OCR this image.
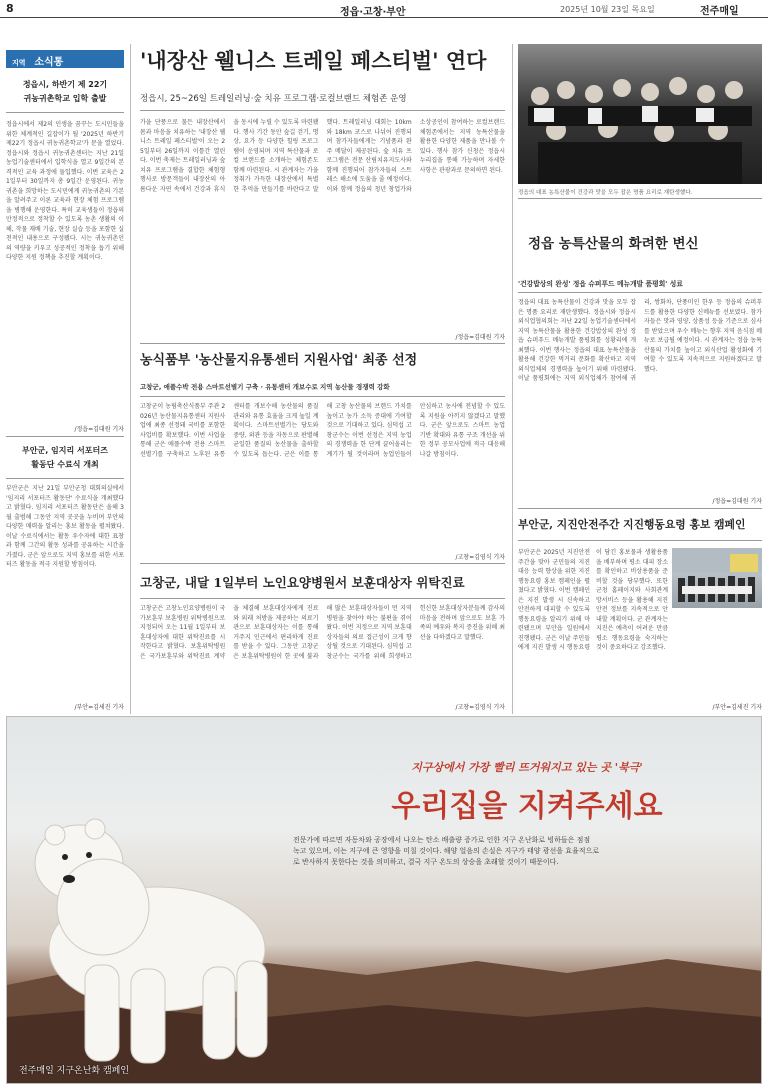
8	정읍·고창·부안	2025년 10월 23일 목요일	전주매일
지역 소식통
정읍시, 하반기 제 22기
귀농귀촌학교 입학 출발
정읍시에서 제2의 인생을 꿈꾸는 도시민들을 위한 체계적인 길잡이가 될 '2025년 하반기 제22기 정읍시 귀농귀촌학교'가 문을 열었다. 정읍시와 정읍시 귀농귀촌센터는 지난 21일 농업기술센터에서 입학식을 열고 9일간의 본격적인 교육 과정에 돌입했다. 이번 교육은 21일부터 30일까지 총 9일간 운영된다. 귀농귀촌을 희망하는 도시민에게 귀농귀촌의 기본을 알려주고 이론 교육과 현장 체험 프로그램을 병행해 운영한다. 특히 교육생들이 정읍의 안정적으로 정착할 수 있도록 농촌 생활의 이해, 작물 재배 기술, 현장 실습 등을 포함한 실천적인 내용으로 구성됐다. 시는 귀농귀촌인의 역량을 키우고 성공적인 정착을 돕기 위해 다양한 지원 정책을 추진할 계획이다.
/정읍=김대원 기자
부안군, 임지리 서포터즈
활동단 수료식 개최
부안군은 지난 21일 부안군청 대회의실에서 '임지리 서포터즈 활동단' 수료식을 개최했다고 밝혔다. 임지리 서포터즈 활동단은 올해 3월 출범해 그동안 지역 곳곳을 누비며 부안의 다양한 매력을 알리는 홍보 활동을 펼쳐왔다. 이날 수료식에서는 활동 우수자에 대한 표창과 함께 그간의 활동 성과를 공유하는 시간을 가졌다. 군은 앞으로도 지역 홍보를 위한 서포터즈 활동을 적극 지원할 방침이다.
/부안=김세진 기자
'내장산 웰니스 트레일 페스티벌' 연다
정읍시, 25~26일 트레일러닝·숲 치유 프로그램·로컬브랜드 체험존 운영
가을 단풍으로 물든 내장산에서 몸과 마음을 치유하는 '내장산 웰니스 트레일 페스티벌'이 오는 25일부터 26일까지 이틀간 열린다. 이번 축제는 트레일러닝과 숲 치유 프로그램을 결합한 체험형 행사로 방문객들이 내장산의 아름다운 자연 속에서 건강과 휴식을 동시에 누릴 수 있도록 마련됐다. 행사 기간 동안 숲길 걷기, 명상, 요가 등 다양한 힐링 프로그램이 운영되며 지역 특산물과 로컬 브랜드를 소개하는 체험존도 함께 마련된다. 시 관계자는 가을 정취가 가득한 내장산에서 특별한 추억을 만들기를 바란다고 말했다. 트레일러닝 대회는 10km와 18km 코스로 나뉘어 진행되며 참가자들에게는 기념품과 완주 메달이 제공된다. 숲 치유 프로그램은 전문 산림치유지도사와 함께 진행되어 참가자들의 스트레스 해소에 도움을 줄 예정이다. 이와 함께 정읍의 청년 창업가와 소상공인이 참여하는 로컬브랜드 체험존에서는 지역 농특산물을 활용한 다양한 제품을 만나볼 수 있다. 행사 참가 신청은 정읍시 누리집을 통해 가능하며 자세한 사항은 관광과로 문의하면 된다.
/정읍=김대원 기자
농식품부 '농산물지유통센터 지원사업' 최종 선정
고창군, 애플수박 전용 스마트선별기 구축 · 유통센터 개보수로 지역 농산물 경쟁력 강화
고창군이 농림축산식품부 주관 2026년 농산물지유통센터 지원사업에 최종 선정돼 국비를 포함한 사업비를 확보했다. 이번 사업을 통해 군은 애플수박 전용 스마트선별기를 구축하고 노후된 유통센터를 개보수해 농산물의 품질 관리와 유통 효율을 크게 높일 계획이다. 스마트선별기는 당도와 중량, 외관 등을 자동으로 판별해 균일한 품질의 농산물을 출하할 수 있도록 돕는다. 군은 이를 통해 고창 농산물의 브랜드 가치를 높이고 농가 소득 증대에 기여할 것으로 기대하고 있다. 심덕섭 고창군수는 이번 선정은 지역 농업의 경쟁력을 한 단계 끌어올리는 계기가 될 것이라며 농업인들이 안심하고 농사에 전념할 수 있도록 지원을 아끼지 않겠다고 말했다. 군은 앞으로도 스마트 농업 기반 확대와 유통 구조 개선을 위한 정부 공모사업에 적극 대응해 나갈 방침이다.
/고창=김영식 기자
고창군, 내달 1일부터 노인요양병원서 보훈대상자 위탁진료
고창군은 고창노인요양병원이 국가보훈부 보훈병원 위탁병원으로 지정되어 오는 11월 1일부터 보훈대상자에 대한 위탁진료를 시작한다고 밝혔다. 보훈위탁병원은 국가보훈부와 위탁진료 계약을 체결해 보훈대상자에게 진료와 외래 처방을 제공하는 의료기관으로 보훈대상자는 이를 통해 거주지 인근에서 편리하게 진료를 받을 수 있다. 그동안 고창군은 보훈위탁병원이 한 곳에 불과해 많은 보훈대상자들이 먼 지역 병원을 찾아야 하는 불편을 겪어왔다. 이번 지정으로 지역 보훈대상자들의 의료 접근성이 크게 향상될 것으로 기대된다. 심덕섭 고창군수는 국가를 위해 희생하고 헌신한 보훈대상자분들께 감사의 마음을 전하며 앞으로도 보훈 가족의 예우와 복지 증진을 위해 최선을 다하겠다고 말했다.
/고창=김영식 기자
정읍의 대표 농특산물이 건강과 맛을 모두 잡은 명품 요리로 재탄생했다.
정읍 농특산물의 화려한 변신
'건강밥상의 완성' 정읍 슈퍼푸드 메뉴개발 품평회' 성료
정읍의 대표 농특산물이 건강과 맛을 모두 잡은 명품 요리로 재탄생했다. 정읍시와 정읍시외식업협의회는 지난 22일 농업기술센터에서 지역 농특산물을 활용한 건강밥상의 완성 정읍 슈퍼푸드 메뉴개발 품평회를 성황리에 개최했다. 이번 행사는 정읍의 대표 농특산물을 활용해 건강한 먹거리 문화를 확산하고 지역 외식업체의 경쟁력을 높이기 위해 마련됐다. 이날 품평회에는 지역 외식업체가 참여해 귀리, 쌍화차, 단풍미인 한우 등 정읍의 슈퍼푸드를 활용한 다양한 신메뉴를 선보였다. 참가자들은 맛과 영양, 상품성 등을 기준으로 심사를 받았으며 우수 메뉴는 향후 지역 음식점 메뉴로 보급될 예정이다. 시 관계자는 정읍 농특산물의 가치를 높이고 외식산업 활성화에 기여할 수 있도록 지속적으로 지원하겠다고 말했다.
/정읍=김대원 기자
부안군, 지진안전주간 지진행동요령 홍보 캠페인
부안군은 2025년 지진안전주간을 맞아 군민들의 지진 대응 능력 향상을 위한 지진 행동요령 홍보 캠페인을 펼쳤다고 밝혔다. 이번 캠페인은 지진 발생 시 신속하고 안전하게 대피할 수 있도록 행동요령을 알리기 위해 마련됐으며 부안읍 일원에서 진행됐다. 군은 이날 주민들에게 지진 발생 시 행동요령이 담긴 홍보물과 생활용품을 배부하며 평소 대피 장소를 확인하고 비상용품을 준비할 것을 당부했다. 또한 군청 홈페이지와 사회관계망서비스 등을 활용해 지진 안전 정보를 지속적으로 안내할 계획이다. 군 관계자는 지진은 예측이 어려운 만큼 평소 행동요령을 숙지하는 것이 중요하다고 강조했다.
/부안=김세진 기자
지구상에서 가장 빨리 뜨거워지고 있는 곳 '북극'
우리집을 지켜주세요
전문가에 따르면 자동차와 공장에서 나오는 탄소 배출량 증가로 인한 지구 온난화로 빙하들은 점점
녹고 있으며, 이는 지구에 큰 영향을 미칠 것이다. 해양 얼음의 손실은 지구가 태양 광선을 효율적으로
로 반사하지 못한다는 것을 의미하고, 결국 지구 온도의 상승을 초래할 것이기 때문이다.
전주매일 지구온난화 캠페인
